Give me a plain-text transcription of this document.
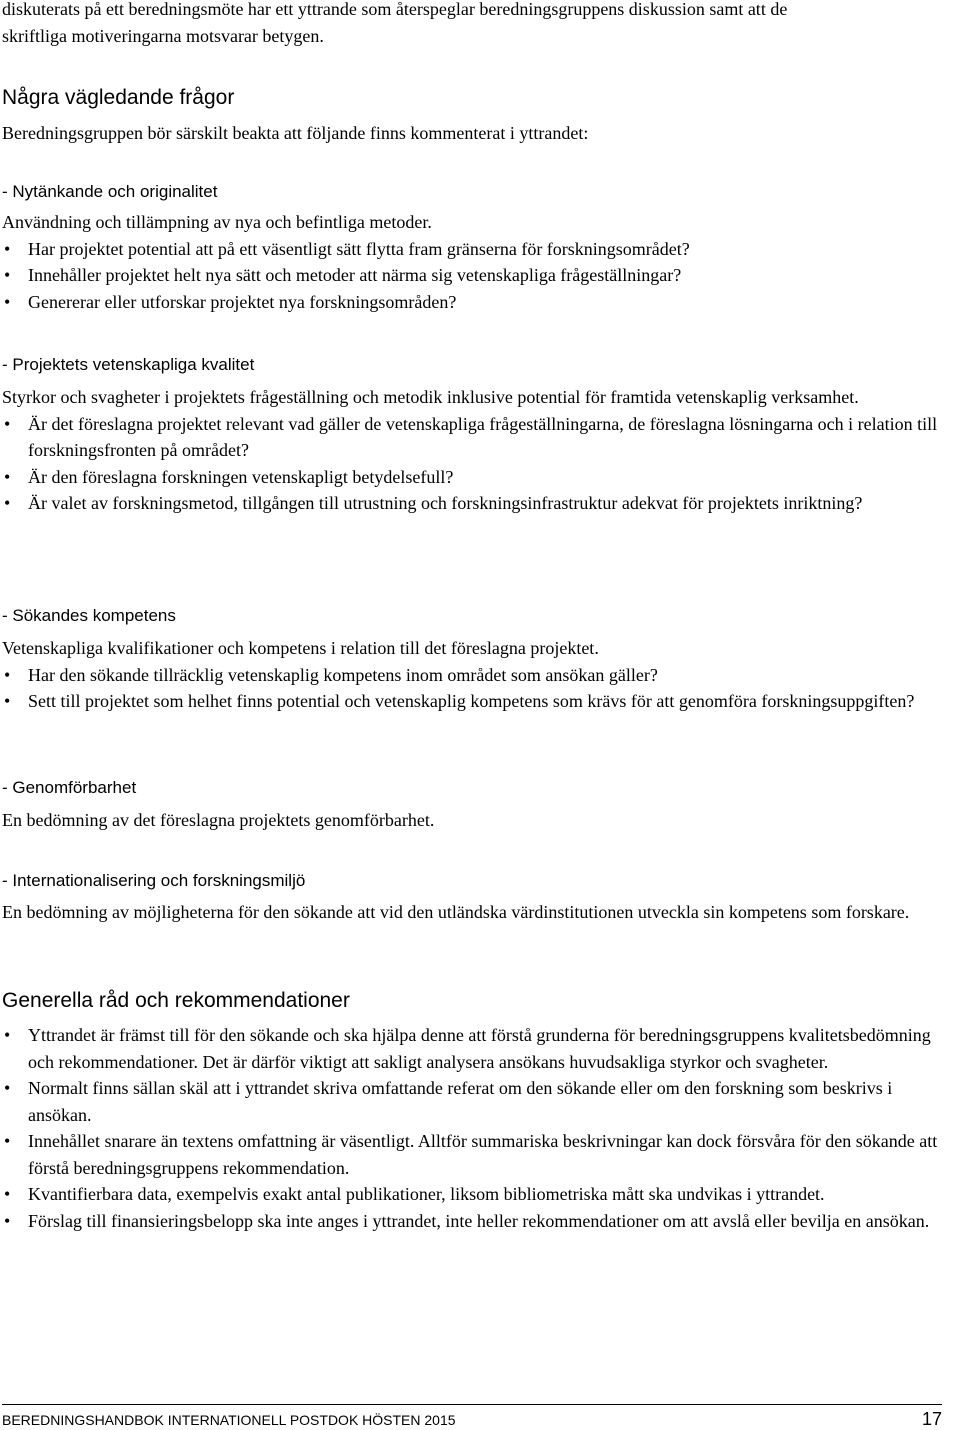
diskuterats på ett beredningsmöte har ett yttrande som återspeglar beredningsgruppens diskussion samt att de

skriftliga motiveringarna motsvarar betygen.

Några vägledande frågor
Beredningsgruppen bör särskilt beakta att följande finns kommenterat i yttrandet:
- Nytänkande och originalitet

Användning och tillämpning av nya och befintliga metoder.

• Har projektet potential att på ett väsentligt sätt flytta fram gränserna för forskningsområdet?
• Innehåller projektet helt nya sätt och metoder att närma sig vetenskapliga frågeställningar?
• Genererar eller utforskar projektet nya forskningsområden?
- Projektets vetenskapliga kvalitet

Styrkor och svagheter i projektets frågeställning och metodik inklusive potential för framtida vetenskaplig verksamhet.

• Är det föreslagna projektet relevant vad gäller de vetenskapliga frågeställningarna, de föreslagna lösningarna och i relation till forskningsfronten på området?
• Är den föreslagna forskningen vetenskapligt betydelsefull?
• Är valet av forskningsmetod, tillgången till utrustning och forskningsinfrastruktur adekvat för projektets inriktning?
- Sökandes kompetens

Vetenskapliga kvalifikationer och kompetens i relation till det föreslagna projektet.

• Har den sökande tillräcklig vetenskaplig kompetens inom området som ansökan gäller?
• Sett till projektet som helhet finns potential och vetenskaplig kompetens som krävs för att genomföra forskningsuppgiften?
- Genomförbarhet
En bedömning av det föreslagna projektets genomförbarhet.
- Internationalisering och forskningsmiljö
En bedömning av möjligheterna för den sökande att vid den utländska värdinstitutionen utveckla sin kompetens som forskare.
Generella råd och rekommendationer
• Yttrandet är främst till för den sökande och ska hjälpa denne att förstå grunderna för beredningsgruppens kvalitetsbedömning och rekommendationer. Det är därför viktigt att sakligt analysera ansökans huvudsakliga styrkor och svagheter.
• Normalt finns sällan skäl att i yttrandet skriva omfattande referat om den sökande eller om den forskning som beskrivs i ansökan.
• Innehållet snarare än textens omfattning är väsentligt. Alltför summariska beskrivningar kan dock försvåra för den sökande att förstå beredningsgruppens rekommendation.
• Kvantifierbara data, exempelvis exakt antal publikationer, liksom bibliometriska mått ska undvikas i yttrandet.
• Förslag till finansieringsbelopp ska inte anges i yttrandet, inte heller rekommendationer om att avslå eller bevilja en ansökan.
BEREDNINGSHANDBOK INTERNATIONELL POSTDOK HÖSTEN 2015	17
